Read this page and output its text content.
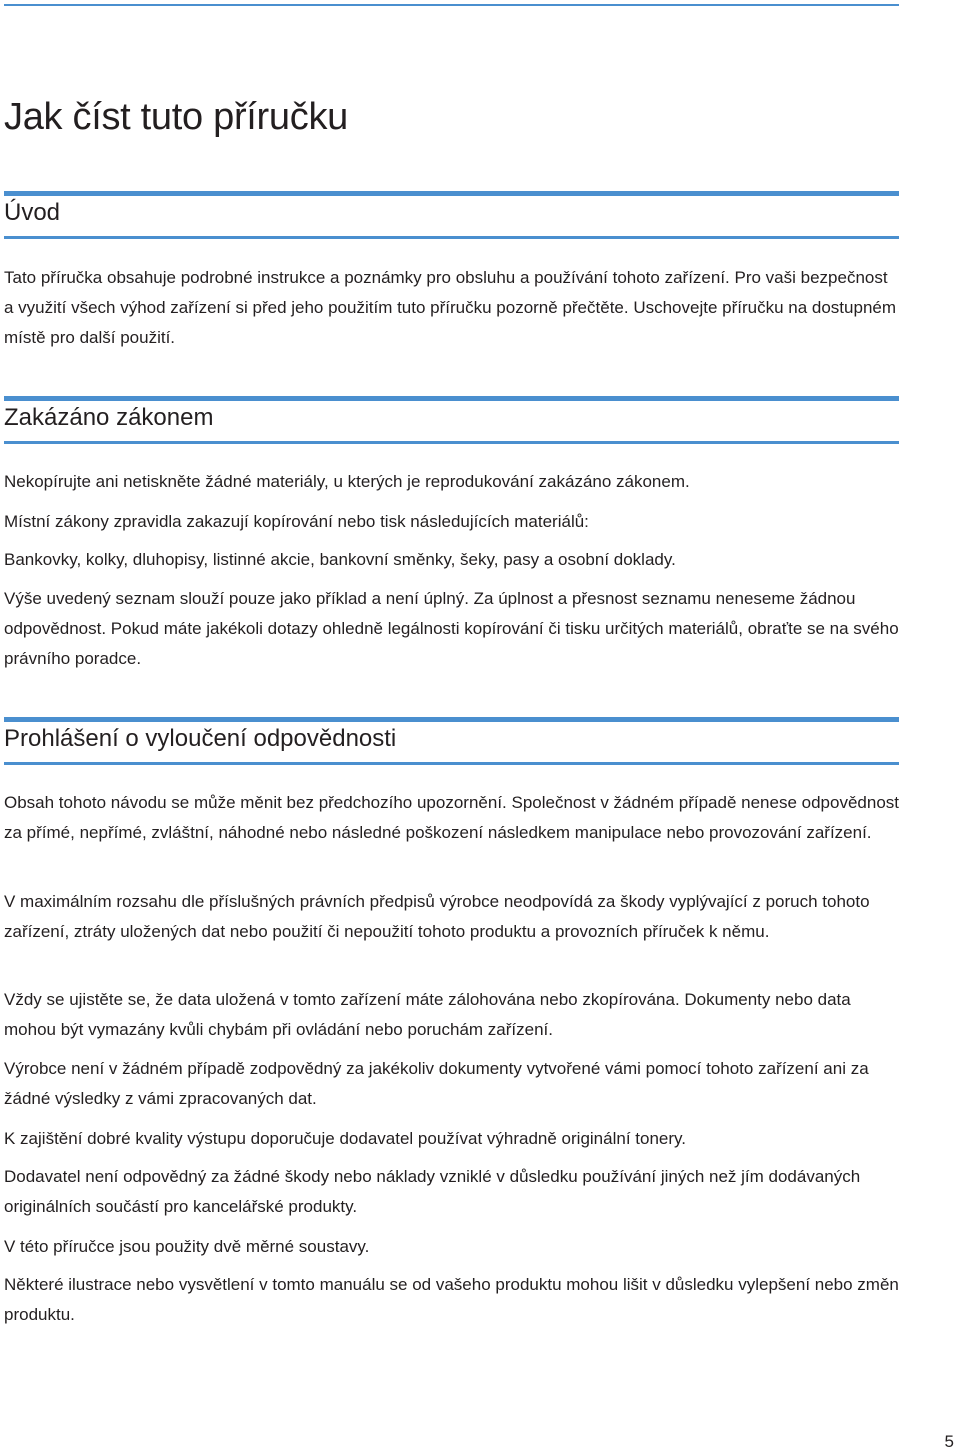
Jak číst tuto příručku
Úvod

Tato příručka obsahuje podrobné instrukce a poznámky pro obsluhu a používání tohoto zařízení. Pro vaši bezpečnost a využití všech výhod zařízení si před jeho použitím tuto příručku pozorně přečtěte. Uschovejte příručku na dostupném místě pro další použití.

Zakázáno zákonem

Nekopírujte ani netiskněte žádné materiály, u kterých je reprodukování zakázáno zákonem.

Místní zákony zpravidla zakazují kopírování nebo tisk následujících materiálů:

Bankovky, kolky, dluhopisy, listinné akcie, bankovní směnky, šeky, pasy a osobní doklady.

Výše uvedený seznam slouží pouze jako příklad a není úplný. Za úplnost a přesnost seznamu neneseme žádnou odpovědnost. Pokud máte jakékoli dotazy ohledně legálnosti kopírování či tisku určitých materiálů, obraťte se na svého právního poradce.

Prohlášení o vyloučení odpovědnosti

Obsah tohoto návodu se může měnit bez předchozího upozornění. Společnost v žádném případě nenese odpovědnost za přímé, nepřímé, zvláštní, náhodné nebo následné poškození následkem manipulace nebo provozování zařízení.

V maximálním rozsahu dle příslušných právních předpisů výrobce neodpovídá za škody vyplývající z poruch tohoto zařízení, ztráty uložených dat nebo použití či nepoužití tohoto produktu a provozních příruček k němu.

Vždy se ujistěte se, že data uložená v tomto zařízení máte zálohována nebo zkopírována. Dokumenty nebo data mohou být vymazány kvůli chybám při ovládání nebo poruchám zařízení.

Výrobce není v žádném případě zodpovědný za jakékoliv dokumenty vytvořené vámi pomocí tohoto zařízení ani za žádné výsledky z vámi zpracovaných dat.

K zajištění dobré kvality výstupu doporučuje dodavatel používat výhradně originální tonery.

Dodavatel není odpovědný za žádné škody nebo náklady vzniklé v důsledku používání jiných než jím dodávaných originálních součástí pro kancelářské produkty.

V této příručce jsou použity dvě měrné soustavy.

Některé ilustrace nebo vysvětlení v tomto manuálu se od vašeho produktu mohou lišit v důsledku vylepšení nebo změn produktu.

5
